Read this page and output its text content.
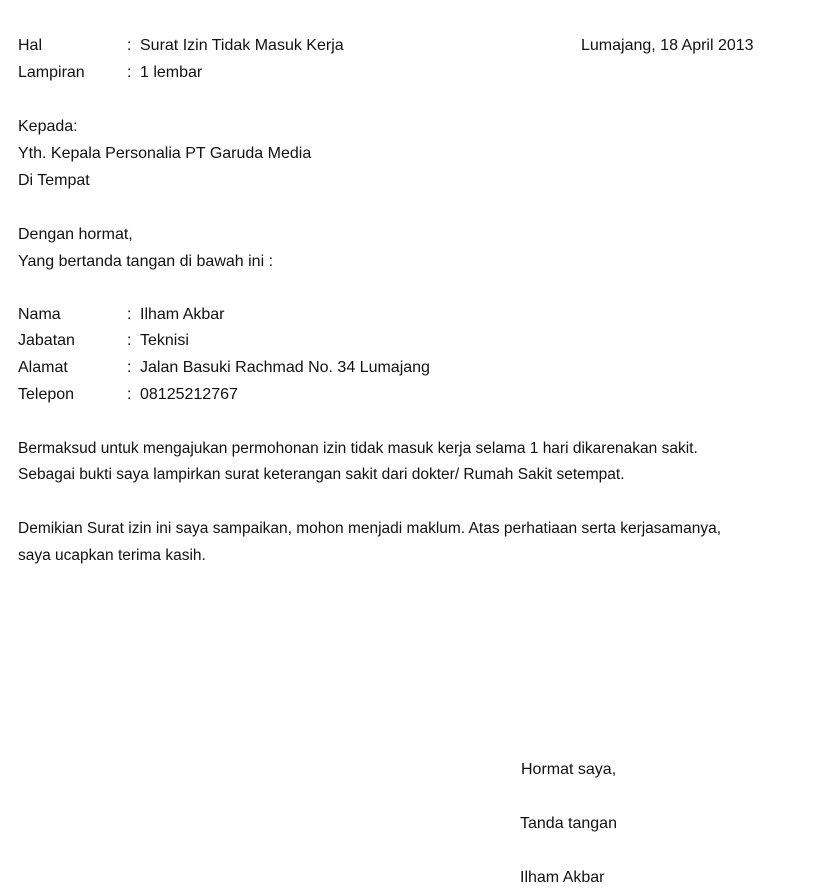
Hal	: Surat Izin Tidak Masuk Kerja	Lumajang, 18 April 2013
Lampiran	: 1 lembar
Kepada:
Yth. Kepala Personalia PT Garuda Media
Di Tempat
Dengan hormat,
Yang bertanda tangan di bawah ini :
Nama	: Ilham Akbar
Jabatan	: Teknisi
Alamat	: Jalan Basuki Rachmad No. 34 Lumajang
Telepon	: 08125212767
Bermaksud untuk mengajukan permohonan izin tidak masuk kerja selama 1 hari dikarenakan sakit.
Sebagai bukti saya lampirkan surat keterangan sakit dari dokter/ Rumah Sakit setempat.
Demikian Surat izin ini saya sampaikan, mohon menjadi maklum. Atas perhatiaan serta kerjasamanya,
saya ucapkan terima kasih.
Hormat saya,
Tanda tangan
Ilham Akbar
